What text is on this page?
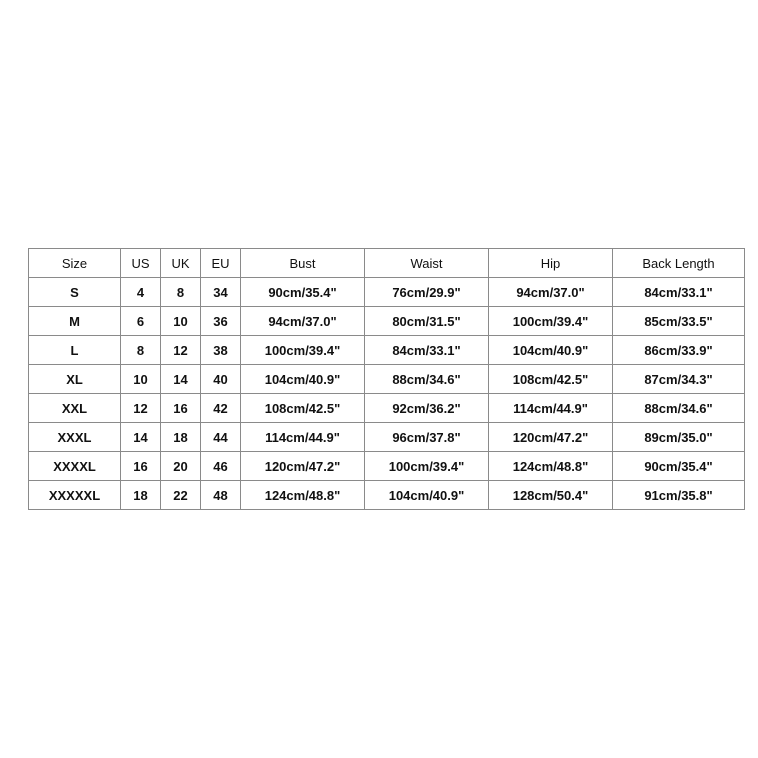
Size	US	UK	EU	Bust	Waist	Hip	Back Length
S	4	8	34	90cm/35.4"	76cm/29.9"	94cm/37.0"	84cm/33.1"
M	6	10	36	94cm/37.0"	80cm/31.5"	100cm/39.4"	85cm/33.5"
L	8	12	38	100cm/39.4"	84cm/33.1"	104cm/40.9"	86cm/33.9"
XL	10	14	40	104cm/40.9"	88cm/34.6"	108cm/42.5"	87cm/34.3"
XXL	12	16	42	108cm/42.5"	92cm/36.2"	114cm/44.9"	88cm/34.6"
XXXL	14	18	44	114cm/44.9"	96cm/37.8"	120cm/47.2"	89cm/35.0"
XXXXL	16	20	46	120cm/47.2"	100cm/39.4"	124cm/48.8"	90cm/35.4"
XXXXXL	18	22	48	124cm/48.8"	104cm/40.9"	128cm/50.4"	91cm/35.8"
